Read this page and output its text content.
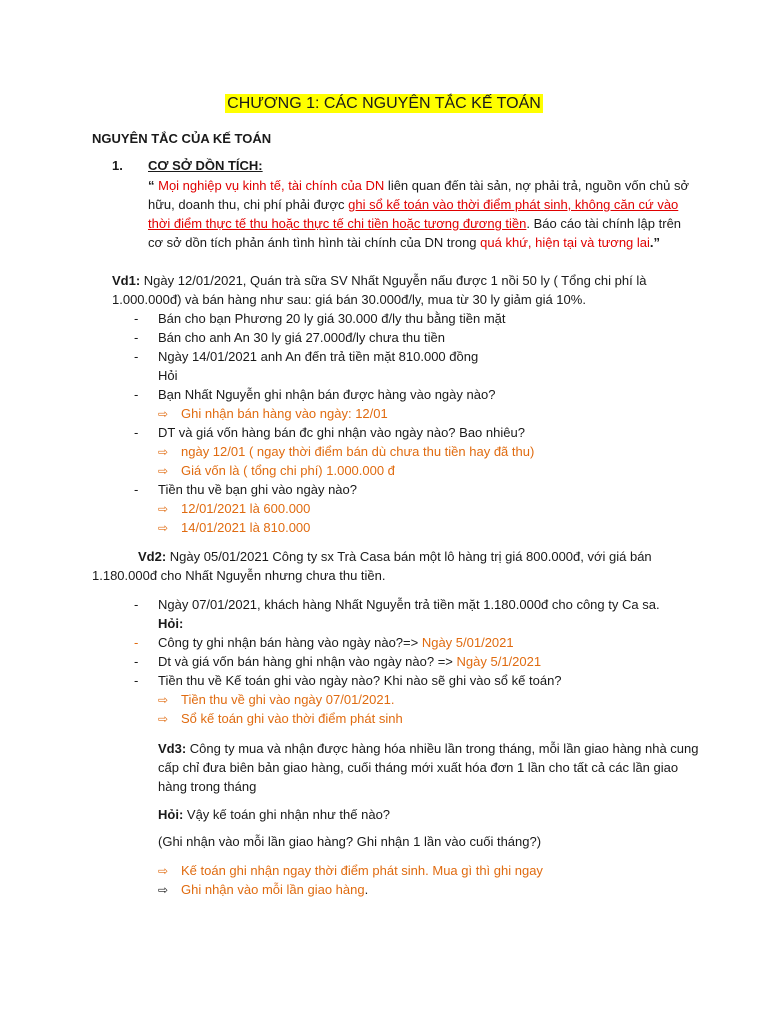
CHƯƠNG 1: CÁC NGUYÊN TẮC KẾ TOÁN
NGUYÊN TẮC CỦA KẾ TOÁN
1. CƠ SỞ DỒN TÍCH:
“ Mọi nghiệp vụ kinh tế, tài chính của DN liên quan đến tài sản, nợ phải trả, nguồn vốn chủ sở
hữu, doanh thu, chi phí phải được ghi sổ kế toán vào thời điểm phát sinh, không căn cứ vào
thời điểm thực tế thu hoặc thực tế chi tiền hoặc tương đương tiền. Báo cáo tài chính lập trên
cơ sở dồn tích phản ánh tình hình tài chính của DN trong quá khứ, hiện tại và tương lai.”
Vd1: Ngày 12/01/2021, Quán trà sữa SV Nhất Nguyễn nấu được 1 nồi 50 ly ( Tổng chi phí là
1.000.000đ) và bán hàng như sau: giá bán 30.000đ/ly, mua từ 30 ly giảm giá 10%.
- Bán cho bạn Phương 20 ly giá 30.000 đ/ly thu bằng tiền mặt
- Bán cho anh An 30 ly giá 27.000đ/ly chưa thu tiền
- Ngày 14/01/2021 anh An đến trả tiền mặt 810.000 đồng
Hỏi
- Bạn Nhất Nguyễn ghi nhận bán được hàng vào ngày nào?
⇨ Ghi nhận bán hàng vào ngày: 12/01
- DT và giá vốn hàng bán đc ghi nhận vào ngày nào? Bao nhiêu?
⇨ ngày 12/01 ( ngay thời điểm bán dù chưa thu tiền hay đã thu)
⇨ Giá vốn là ( tổng chi phí) 1.000.000 đ
- Tiền thu về bạn ghi vào ngày nào?
⇨ 12/01/2021 là 600.000
⇨ 14/01/2021 là 810.000
Vd2: Ngày 05/01/2021 Công ty sx Trà Casa bán một lô hàng trị giá 800.000đ, với giá bán
1.180.000đ cho Nhất Nguyễn nhưng chưa thu tiền.
- Ngày 07/01/2021, khách hàng Nhất Nguyễn trả tiền mặt 1.180.000đ cho công ty Ca sa.
Hỏi:
- Công ty ghi nhận bán hàng vào ngày nào?=> Ngày 5/01/2021
- Dt và giá vốn bán hàng ghi nhận vào ngày nào? => Ngày 5/1/2021
- Tiền thu về Kế toán ghi vào ngày nào? Khi nào sẽ ghi vào sổ kế toán?
⇨ Tiền thu về ghi vào ngày 07/01/2021.
⇨ Sổ kế toán ghi vào thời điểm phát sinh
Vd3: Công ty mua và nhận được hàng hóa nhiều lần trong tháng, mỗi lần giao hàng nhà cung
cấp chỉ đưa biên bản giao hàng, cuối tháng mới xuất hóa đơn 1 lần cho tất cả các lần giao
hàng trong tháng
Hỏi: Vậy kế toán ghi nhận như thế nào?
(Ghi nhận vào mỗi lần giao hàng? Ghi nhận 1 lần vào cuối tháng?)
⇨ Kế toán ghi nhận ngay thời điểm phát sinh. Mua gì thì ghi ngay
⇨ Ghi nhận vào mỗi lần giao hàng.
